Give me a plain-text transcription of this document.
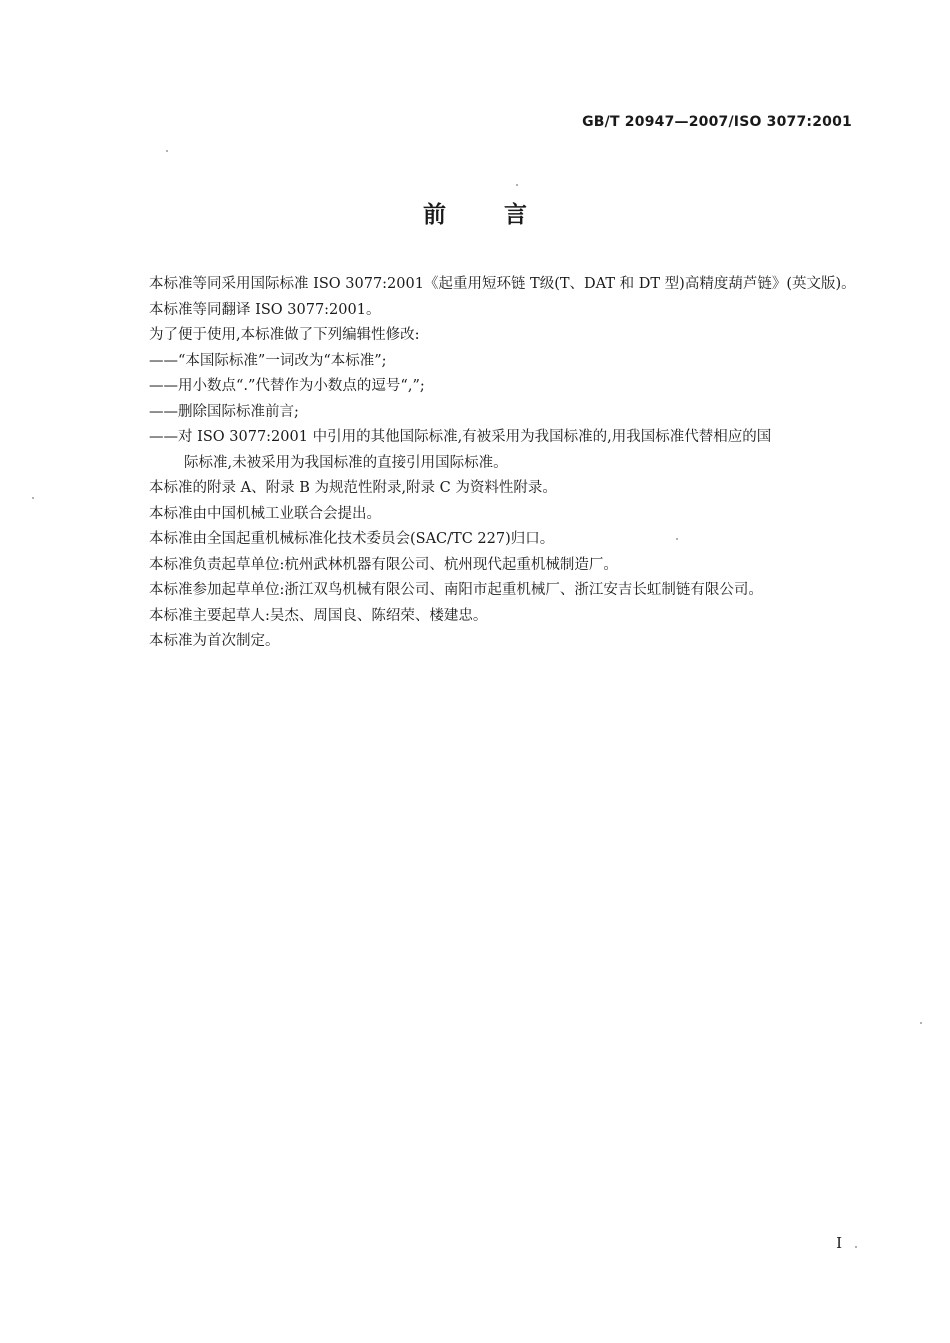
GB/T 20947—2007/ISO 3077:2001
前言

本标准等同采用国际标准 ISO 3077:2001《起重用短环链 T级(T、DAT 和 DT 型)高精度葫芦链》(英文版)。

本标准等同翻译 ISO 3077:2001。

为了便于使用,本标准做了下列编辑性修改:

——“本国际标准”一词改为“本标准”;

——用小数点“.”代替作为小数点的逗号“,”;

——删除国际标准前言;

——对 ISO 3077:2001 中引用的其他国际标准,有被采用为我国标准的,用我国标准代替相应的国
际标准,未被采用为我国标准的直接引用国际标准。

本标准的附录 A、附录 B 为规范性附录,附录 C 为资料性附录。

本标准由中国机械工业联合会提出。

本标准由全国起重机械标准化技术委员会(SAC/TC 227)归口。

本标准负责起草单位:杭州武林机器有限公司、杭州现代起重机械制造厂。

本标准参加起草单位:浙江双鸟机械有限公司、南阳市起重机械厂、浙江安吉长虹制链有限公司。

本标准主要起草人:吴杰、周国良、陈绍荣、楼建忠。

本标准为首次制定。

I
